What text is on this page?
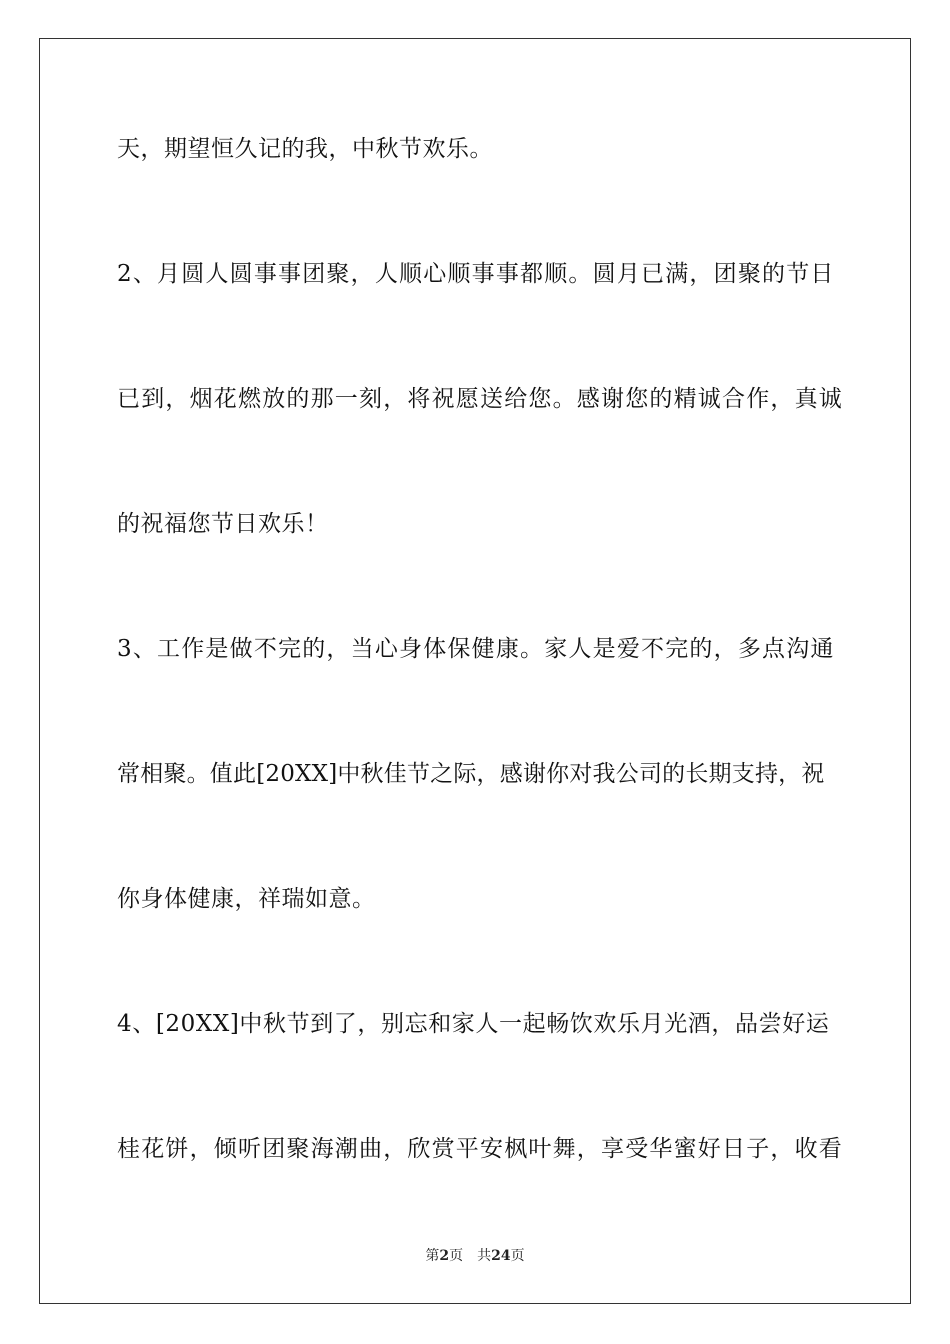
天，期望恒久记的我，中秋节欢乐。
2、月圆人圆事事团聚，人顺心顺事事都顺。圆月已满，团聚的节日
已到，烟花燃放的那一刻，将祝愿送给您。感谢您的精诚合作，真诚
的祝福您节日欢乐！
3、工作是做不完的，当心身体保健康。家人是爱不完的，多点沟通
常相聚。值此[20XX]中秋佳节之际，感谢你对我公司的长期支持，祝
你身体健康，祥瑞如意。
4、[20XX]中秋节到了，别忘和家人一起畅饮欢乐月光酒，品尝好运
桂花饼，倾听团聚海潮曲，欣赏平安枫叶舞，享受华蜜好日子，收看
第2页 共24页
